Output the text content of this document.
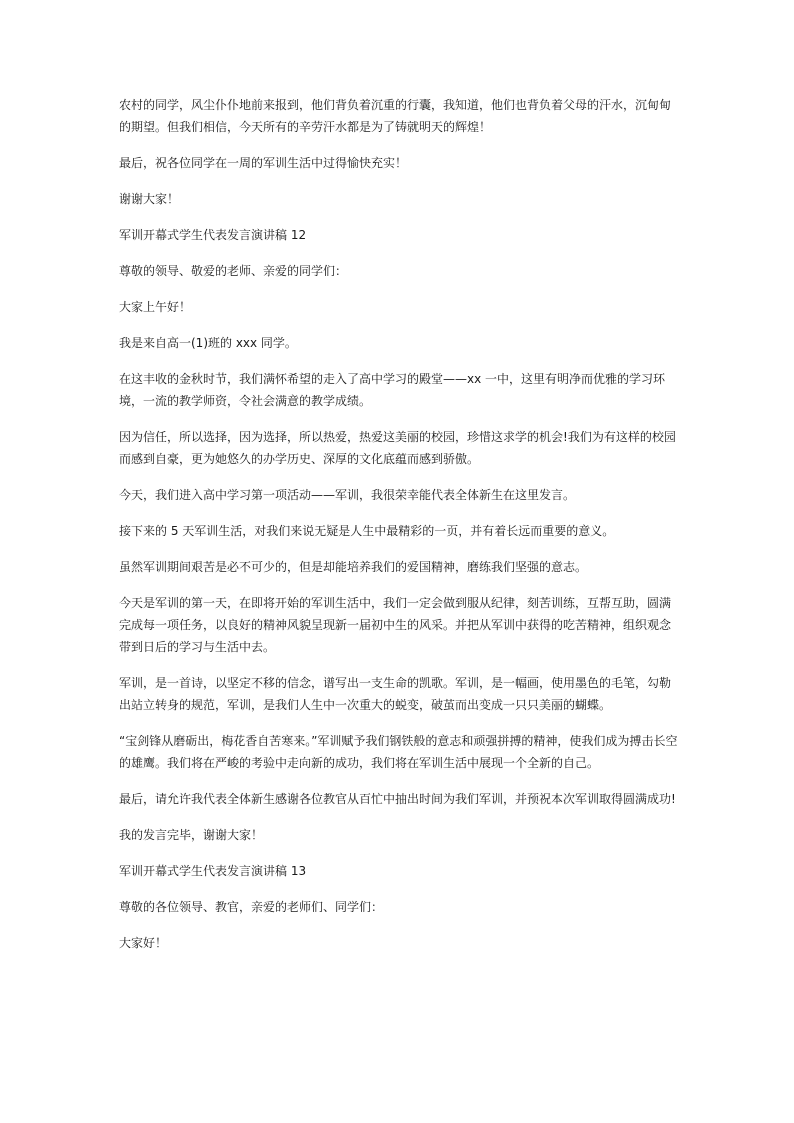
农村的同学，风尘仆仆地前来报到，他们背负着沉重的行囊，我知道，他们也背负着父母的汗水，沉甸甸的期望。但我们相信，今天所有的辛劳汗水都是为了铸就明天的辉煌！

最后，祝各位同学在一周的军训生活中过得愉快充实！

谢谢大家！

军训开幕式学生代表发言演讲稿 12

尊敬的领导、敬爱的老师、亲爱的同学们：

大家上午好！

我是来自高一(1)班的 xxx 同学。

在这丰收的金秋时节，我们满怀希望的走入了高中学习的殿堂——xx 一中，这里有明净而优雅的学习环境，一流的教学师资，令社会满意的教学成绩。

因为信任，所以选择，因为选择，所以热爱，热爱这美丽的校园，珍惜这求学的机会!我们为有这样的校园而感到自豪，更为她悠久的办学历史、深厚的文化底蕴而感到骄傲。

今天，我们进入高中学习第一项活动——军训，我很荣幸能代表全体新生在这里发言。

接下来的 5 天军训生活，对我们来说无疑是人生中最精彩的一页，并有着长远而重要的意义。

虽然军训期间艰苦是必不可少的，但是却能培养我们的爱国精神，磨练我们坚强的意志。

今天是军训的第一天，在即将开始的军训生活中，我们一定会做到服从纪律，刻苦训练，互帮互助，圆满完成每一项任务，以良好的精神风貌呈现新一届初中生的风采。并把从军训中获得的吃苦精神，组织观念带到日后的学习与生活中去。

军训，是一首诗，以坚定不移的信念，谱写出一支生命的凯歌。军训，是一幅画，使用墨色的毛笔，勾勒出站立转身的规范，军训，是我们人生中一次重大的蜕变，破茧而出变成一只只美丽的蝴蝶。

“宝剑锋从磨砺出，梅花香自苦寒来。”军训赋予我们钢铁般的意志和顽强拼搏的精神，使我们成为搏击长空的雄鹰。我们将在严峻的考验中走向新的成功，我们将在军训生活中展现一个全新的自己。

最后，请允许我代表全体新生感谢各位教官从百忙中抽出时间为我们军训，并预祝本次军训取得圆满成功!

我的发言完毕，谢谢大家！

军训开幕式学生代表发言演讲稿 13

尊敬的各位领导、教官，亲爱的老师们、同学们：

大家好！
